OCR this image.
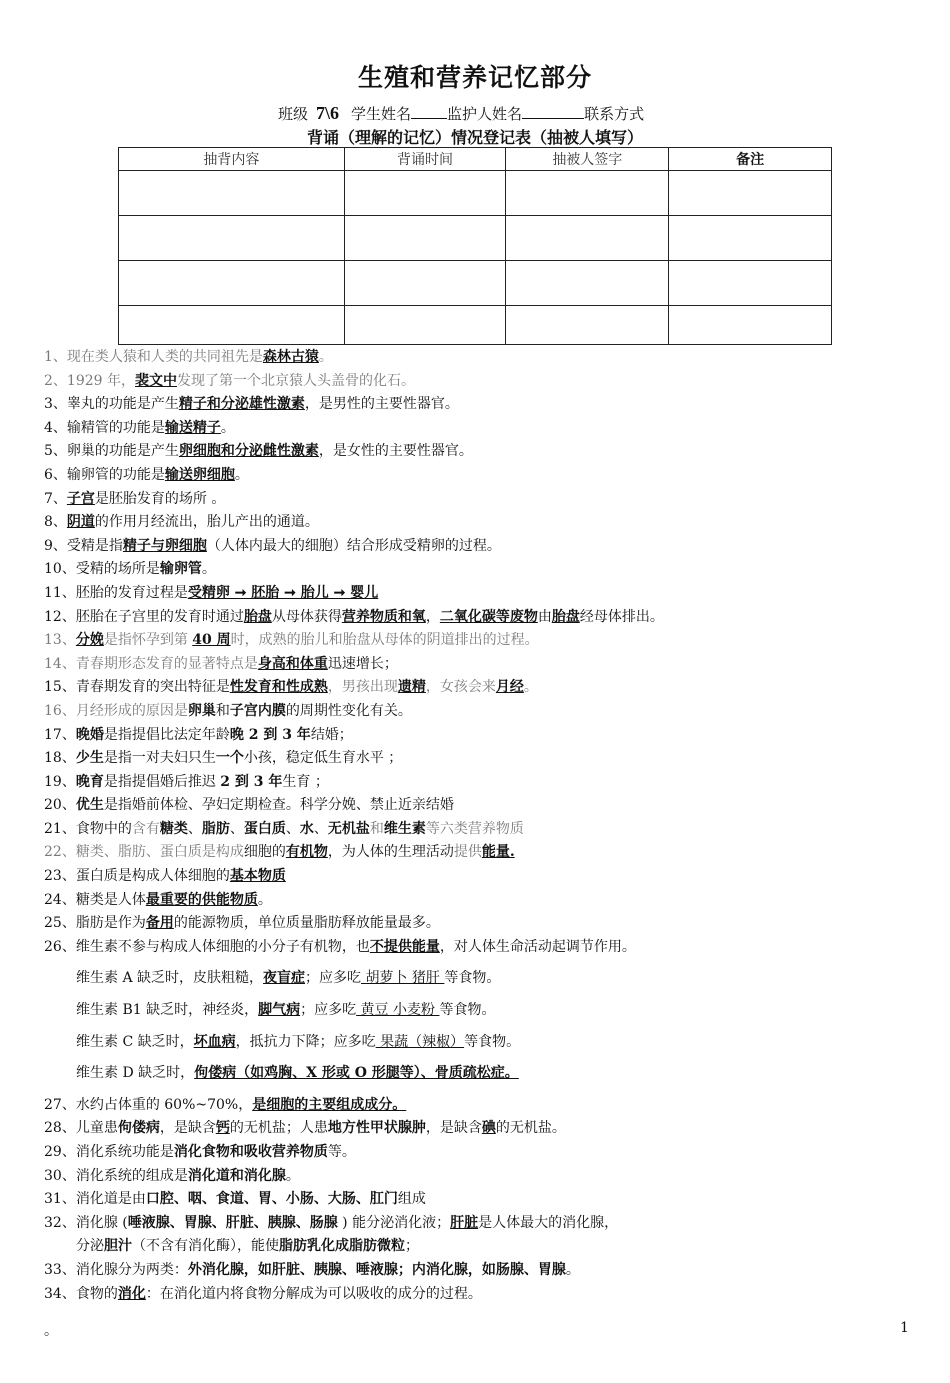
生殖和营养记忆部分
班级 7\6 学生姓名 监护人姓名	联系方式
背诵（理解的记忆）情况登记表（抽被人填写）
抽背内容	背诵时间	抽被人签字	备注

1、现在类人猿和人类的共同祖先是森林古猿。
2、1929 年，裴文中发现了第一个北京猿人头盖骨的化石。
3、睾丸的功能是产生精子和分泌雄性激素，是男性的主要性器官。
4、输精管的功能是输送精子。
5、卵巢的功能是产生卵细胞和分泌雌性激素，是女性的主要性器官。
6、输卵管的功能是输送卵细胞。
7、子宫是胚胎发育的场所 。
8、阴道的作用月经流出，胎儿产出的通道。
9、受精是指精子与卵细胞（人体内最大的细胞）结合形成受精卵的过程。
10、受精的场所是输卵管。
11、胚胎的发育过程是受精卵 ➞ 胚胎 ➞ 胎儿 ➞ 婴儿
12、胚胎在子宫里的发育时通过胎盘从母体获得营养物质和氧，二氧化碳等废物由胎盘经母体排出。
13、分娩是指怀孕到第 40 周时，成熟的胎儿和胎盘从母体的阴道排出的过程。
14、青春期形态发育的显著特点是身高和体重迅速增长；
15、青春期发育的突出特征是性发育和性成熟，男孩出现遗精，女孩会来月经。
16、月经形成的原因是卵巢和子宫内膜的周期性变化有关。
17、晚婚是指提倡比法定年龄晚 2 到 3 年结婚；
18、少生是指一对夫妇只生一个小孩，稳定低生育水平 ；
19、晚育是指提倡婚后推迟 2 到 3 年生育 ；
20、优生是指婚前体检、孕妇定期检查。科学分娩、禁止近亲结婚
21、食物中的含有糖类、脂肪、蛋白质、水、无机盐和维生素等六类营养物质
22、糖类、脂肪、蛋白质是构成细胞的有机物，为人体的生理活动提供能量.
23、蛋白质是构成人体细胞的基本物质
24、糖类是人体最重要的供能物质。
25、脂肪是作为备用的能源物质，单位质量脂肪释放能量最多。
26、维生素不参与构成人体细胞的小分子有机物，也不提供能量，对人体生命活动起调节作用。
维生素 A 缺乏时，皮肤粗糙，夜盲症；应多吃 胡萝卜 猪肝 等食物。
维生素 B1 缺乏时，神经炎，脚气病；应多吃 黄豆 小麦粉 等食物。
维生素 C 缺乏时，坏血病，抵抗力下降；应多吃 果蔬（辣椒）等食物。
维生素 D 缺乏时，佝偻病（如鸡胸、X 形或 O 形腿等）、骨质疏松症。
27、水约占体重的 60%~70%，是细胞的主要组成成分。
28、儿童患佝偻病，是缺含钙的无机盐；人患地方性甲状腺肿，是缺含碘的无机盐。
29、消化系统功能是消化食物和吸收营养物质等。
30、消化系统的组成是消化道和消化腺。
31、消化道是由口腔、咽、食道、胃、小肠、大肠、肛门组成
32、消化腺 (唾液腺、胃腺、肝脏、胰腺、肠腺 ) 能分泌消化液；肝脏是人体最大的消化腺，
分泌胆汁（不含有消化酶），能使脂肪乳化成脂肪微粒；
33、消化腺分为两类：外消化腺，如肝脏、胰腺、唾液腺；内消化腺，如肠腺、胃腺。
34、食物的消化：在消化道内将食物分解成为可以吸收的成分的过程。
。	1
